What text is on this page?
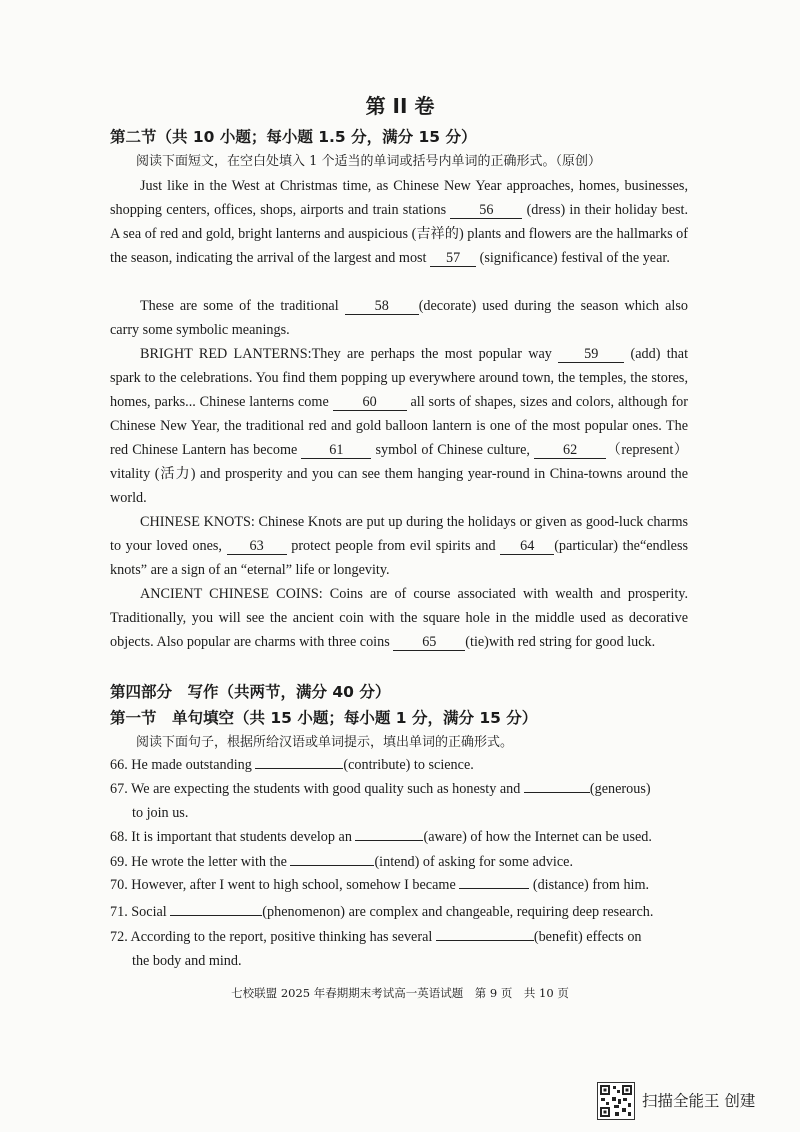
第 II 卷
第二节（共 10 小题；每小题 1.5 分，满分 15 分）
阅读下面短文，在空白处填入 1 个适当的单词或括号内单词的正确形式。（原创）
Just like in the West at Christmas time, as Chinese New Year approaches, homes, businesses, shopping centers, offices, shops, airports and train stations 56 (dress) in their holiday best. A sea of red and gold, bright lanterns and auspicious (吉祥的) plants and flowers are the hallmarks of the season, indicating the arrival of the largest and most 57 (significance) festival of the year.
These are some of the traditional	58 (decorate) used during the season which also carry some symbolic meanings.
BRIGHT RED LANTERNS:They are perhaps the most popular way 59 (add) that spark to the celebrations. You find them popping up everywhere around town, the temples, the stores, homes, parks... Chinese lanterns come 60 all sorts of shapes, sizes and colors, although for Chinese New Year, the traditional red and gold balloon lantern is one of the most popular ones. The red Chinese Lantern has become 61 symbol of Chinese culture, 62 （represent）vitality (活力) and prosperity and you can see them hanging year-round in China-towns around the world.
CHINESE KNOTS: Chinese Knots are put up during the holidays or given as good-luck charms to your loved ones, 63 protect people from evil spirits and 64 (particular) the“endless knots” are a sign of an “eternal” life or longevity.
ANCIENT CHINESE COINS: Coins are of course associated with wealth and prosperity. Traditionally, you will see the ancient coin with the square hole in the middle used as decorative objects. Also popular are charms with three coins 65 (tie)with red string for good luck.
第四部分　写作（共两节，满分 40 分）
第一节　单句填空（共 15 小题；每小题 1 分，满分 15 分）
阅读下面句子，根据所给汉语或单词提示，填出单词的正确形式。
66. He made outstanding	(contribute) to science.
67. We are expecting the students with good quality such as honesty and	(generous)
to join us.
68. It is important that students develop an	(aware) of how the Internet can be used.
69. He wrote the letter with the	(intend) of asking for some advice.
70. However, after I went to high school, somehow I became	(distance) from him.
71. Social	(phenomenon) are complex and changeable, requiring deep research.
72. According to the report, positive thinking has several	(benefit) effects on
the body and mind.
七校联盟 2025 年春期期末考试高一英语试题　第 9 页　共 10 页
扫描全能王 创建
